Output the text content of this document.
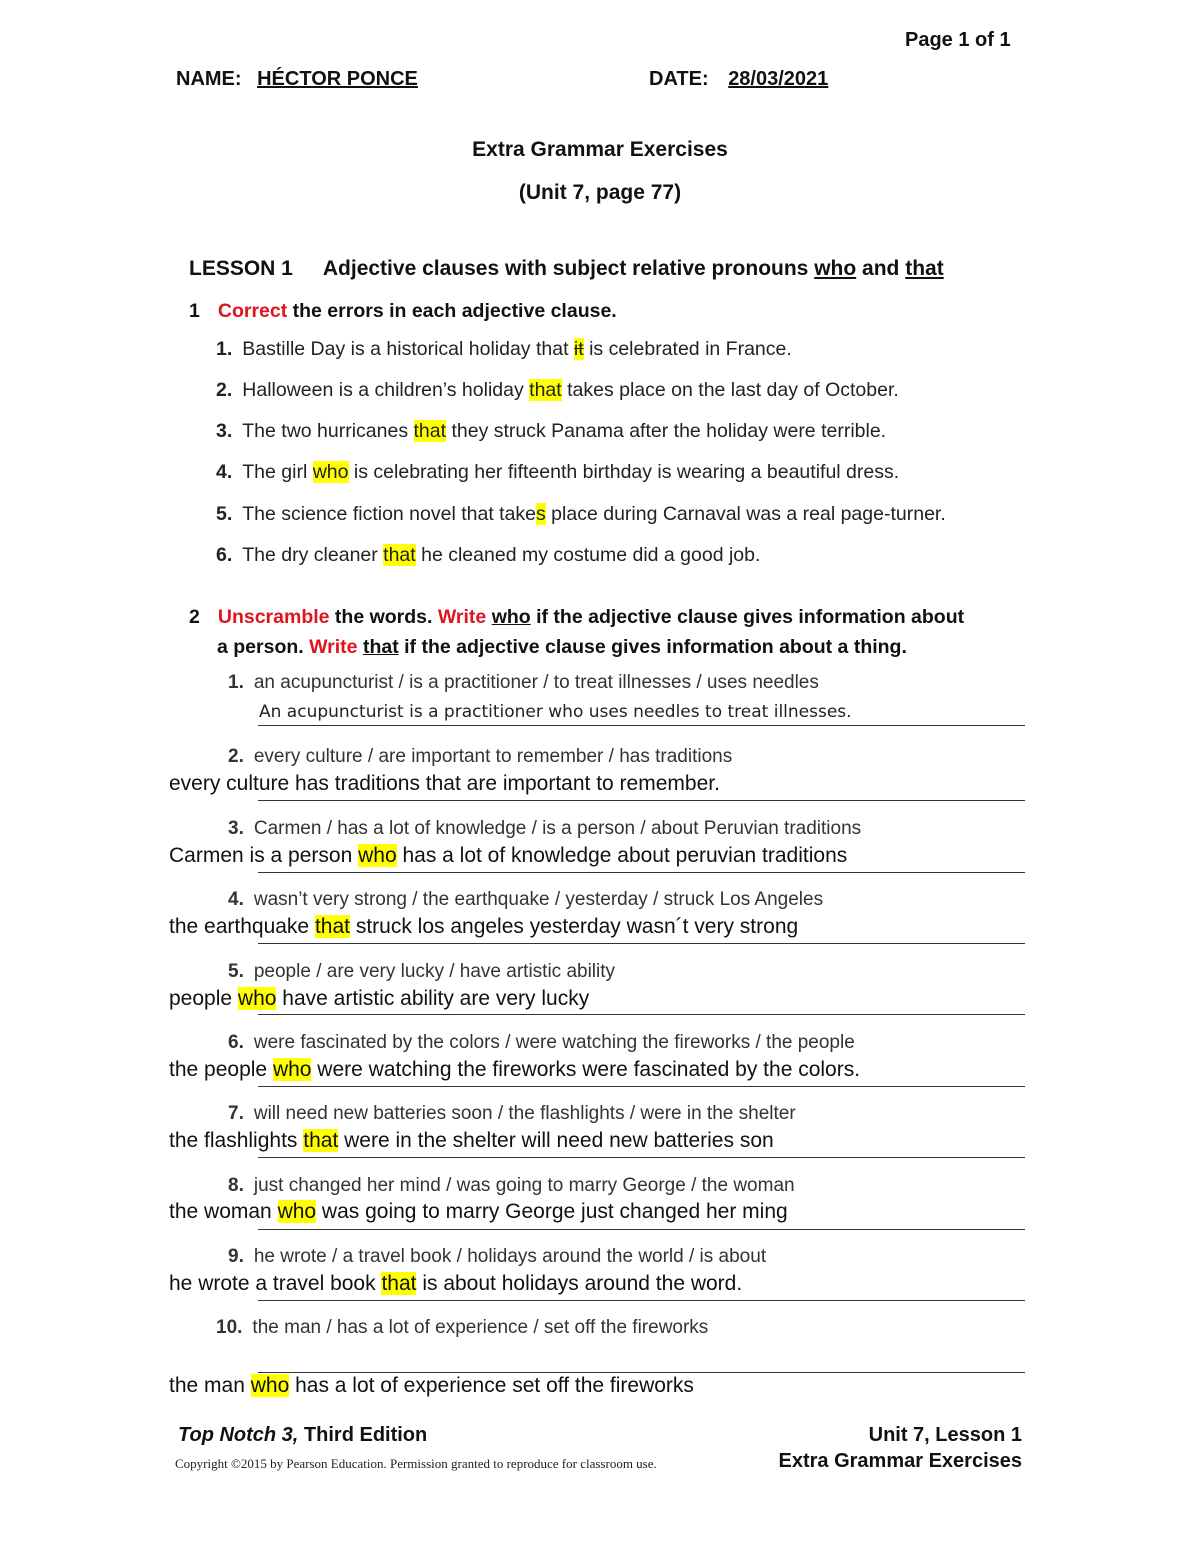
Page 1 of 1
NAME: HÉCTOR PONCE	DATE: 28/03/2021
Extra Grammar Exercises
(Unit 7, page 77)
LESSON 1 Adjective clauses with subject relative pronouns who and that
1 Correct the errors in each adjective clause.
1. Bastille Day is a historical holiday that it is celebrated in France.
2. Halloween is a children’s holiday that takes place on the last day of October.
3. The two hurricanes that they struck Panama after the holiday were terrible.
4. The girl who is celebrating her fifteenth birthday is wearing a beautiful dress.
5. The science fiction novel that takes place during Carnaval was a real page-turner.
6. The dry cleaner that he cleaned my costume did a good job.
2 Unscramble the words. Write who if the adjective clause gives information about
a person. Write that if the adjective clause gives information about a thing.
1. an acupuncturist / is a practitioner / to treat illnesses / uses needles
An acupuncturist is a practitioner who uses needles to treat illnesses.
2. every culture / are important to remember / has traditions
every culture has traditions that are important to remember.
3. Carmen / has a lot of knowledge / is a person / about Peruvian traditions
Carmen is a person who has a lot of knowledge about peruvian traditions
4. wasn’t very strong / the earthquake / yesterday / struck Los Angeles
the earthquake that struck los angeles yesterday wasn´t very strong
5. people / are very lucky / have artistic ability
people who have artistic ability are very lucky
6. were fascinated by the colors / were watching the fireworks / the people
the people who were watching the fireworks were fascinated by the colors.
7. will need new batteries soon / the flashlights / were in the shelter
the flashlights that were in the shelter will need new batteries son
8. just changed her mind / was going to marry George / the woman
the woman who was going to marry George just changed her ming
9. he wrote / a travel book / holidays around the world / is about
he wrote a travel book that is about holidays around the word.
10. the man / has a lot of experience / set off the fireworks
the man who has a lot of experience set off the fireworks
Top Notch 3, Third Edition	Unit 7, Lesson 1
Copyright ©2015 by Pearson Education. Permission granted to reproduce for classroom use.	Extra Grammar Exercises
